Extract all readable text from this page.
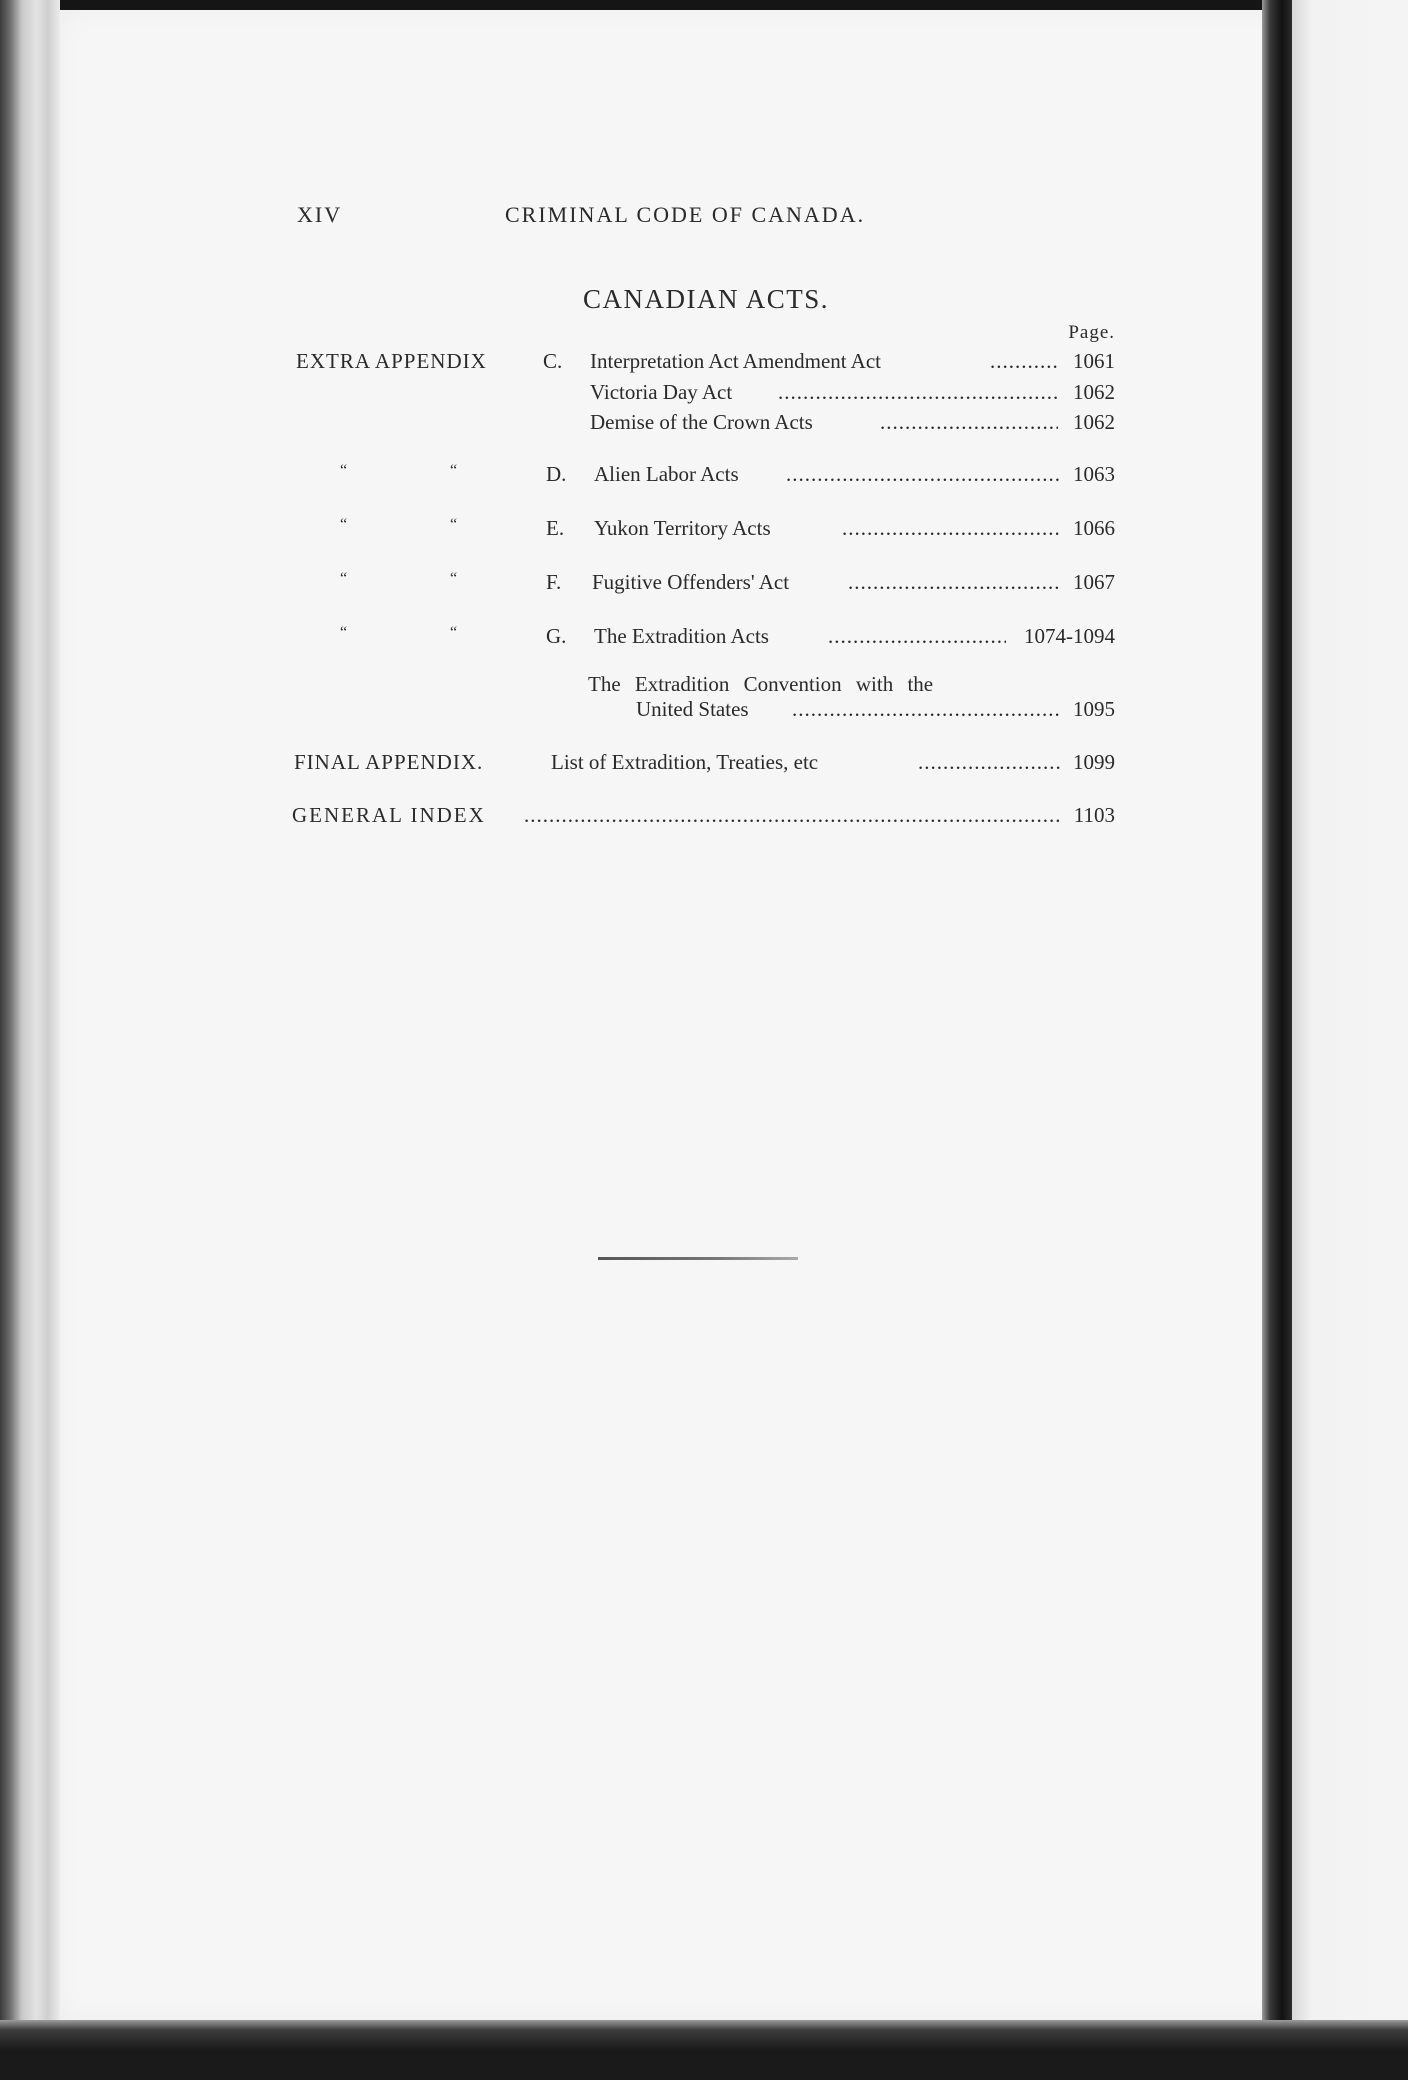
XIV	CRIMINAL CODE OF CANADA.
CANADIAN ACTS.
Page.
EXTRA APPENDIX	C. Interpretation Act Amendment Act .....	1061
Victoria Day Act .....	1062
Demise of the Crown Acts .....	1062
“	“	D. Alien Labor Acts .....	1063
“	“	E. Yukon Territory Acts .....	1066
“	“	F. Fugitive Offenders' Act .....	1067
“	“	G. The Extradition Acts .....	1074-1094
The Extradition Convention with the
United States .....	1095
FINAL APPENDIX.	List of Extradition, Treaties, etc .....	1099
GENERAL INDEX .....	1103
